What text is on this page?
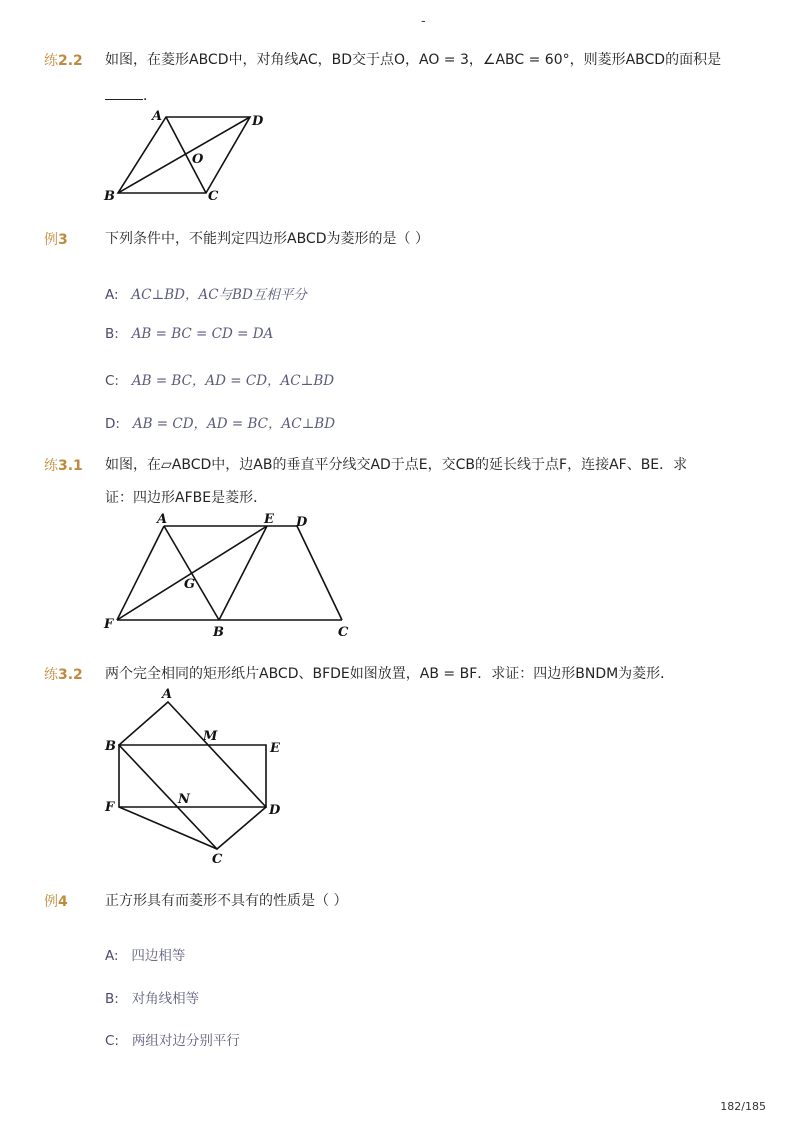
-
练2.2 如图，在菱形ABCD中，对角线AC，BD交于点O，AO = 3，∠ABC = 60°，则菱形ABCD的面积是
．
A	D
O
B	C
例3	下列条件中，不能判定四边形ABCD为菱形的是（ ）
A: AC⊥BD，AC与BD互相平分
B: AB = BC = CD = DA
C: AB = BC，AD = CD，AC⊥BD
D: AB = CD，AD = BC，AC⊥BD
练3.1 如图，在▱ABCD中，边AB的垂直平分线交AD于点E，交CB的延长线于点F，连接AF、BE．求
证：四边形AFBE是菱形．
A	E D
G
F
B	C
练3.2 两个完全相同的矩形纸片ABCD、BFDE如图放置，AB = BF．求证：四边形BNDM为菱形．
A
M
B	E
F
N
D
C
例4	正方形具有而菱形不具有的性质是（ ）
A: 四边相等
B: 对角线相等
C: 两组对边分别平行
182/185
